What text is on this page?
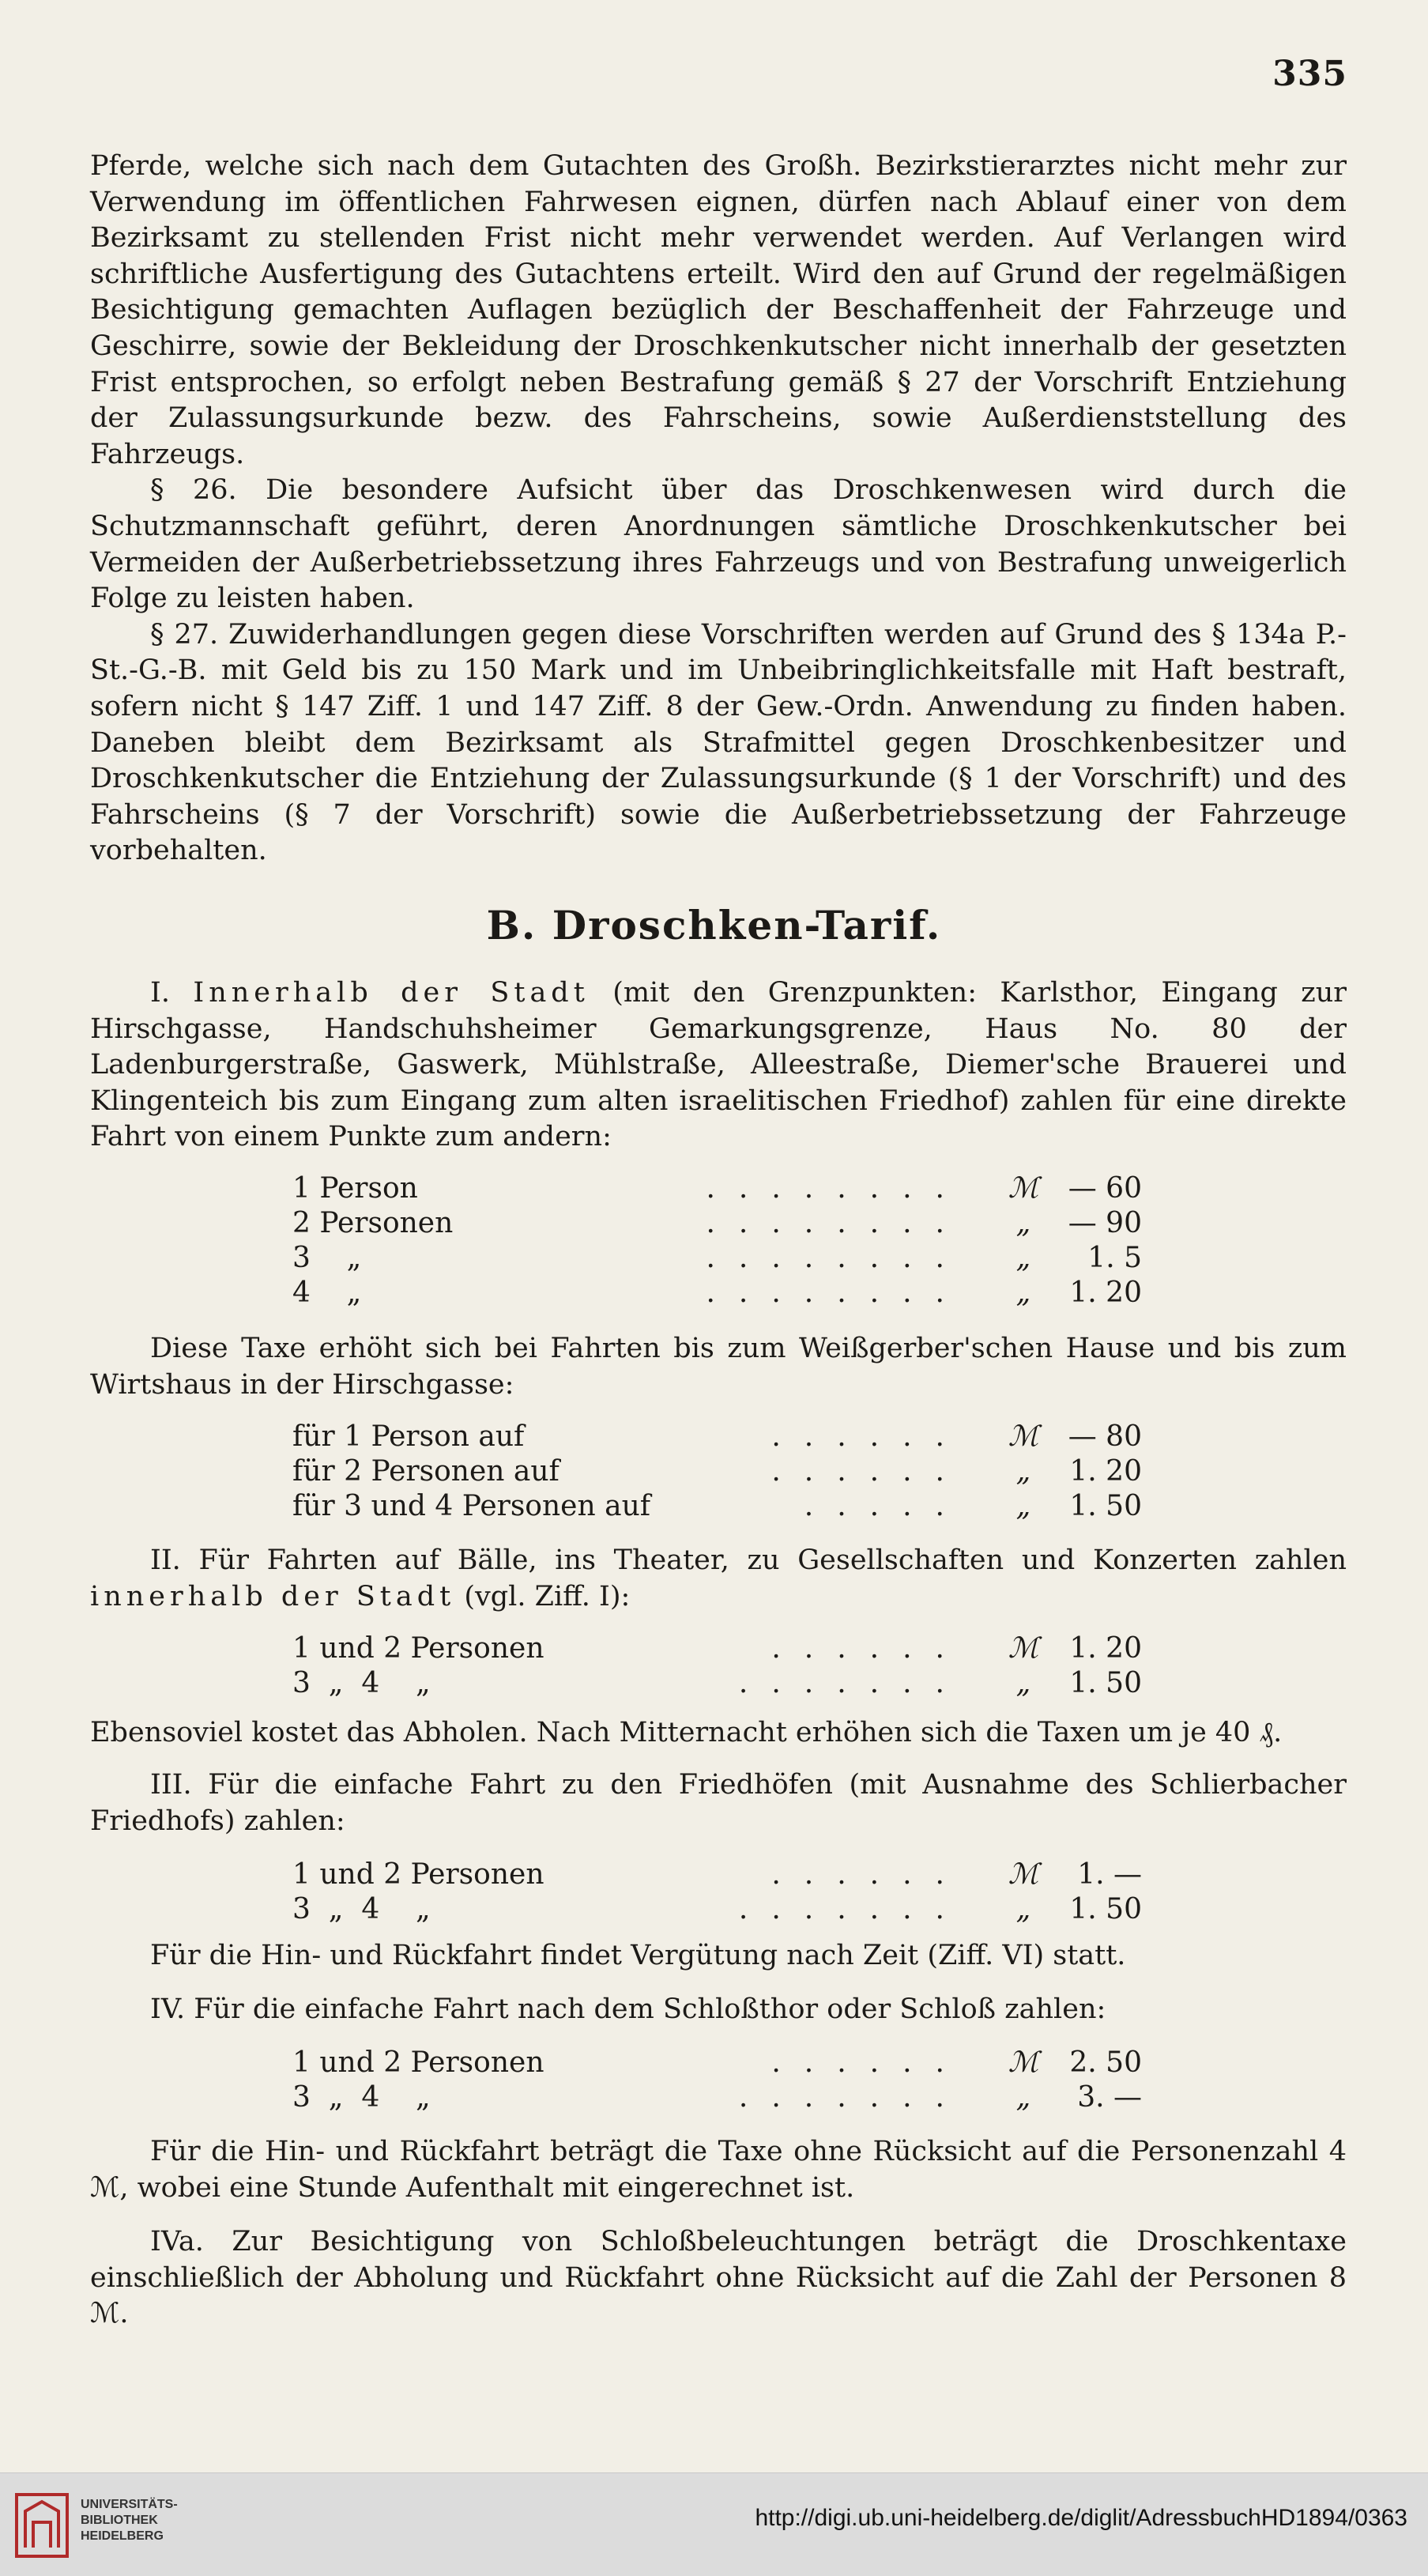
335

Pferde, welche sich nach dem Gutachten des Großh. Bezirkstierarztes nicht mehr zur Verwendung im öffentlichen Fahrwesen eignen, dürfen nach Ablauf einer von dem Bezirksamt zu stellenden Frist nicht mehr verwendet werden. Auf Verlangen wird schriftliche Ausfertigung des Gutachtens erteilt. Wird den auf Grund der regelmäßigen Besichtigung gemachten Auflagen bezüglich der Beschaffenheit der Fahrzeuge und Geschirre, sowie der Bekleidung der Droschkenkutscher nicht innerhalb der gesetzten Frist entsprochen, so erfolgt neben Bestrafung gemäß § 27 der Vorschrift Entziehung der Zulassungsurkunde bezw. des Fahrscheins, sowie Außerdienststellung des Fahrzeugs.

§ 26. Die besondere Aufsicht über das Droschkenwesen wird durch die Schutzmannschaft geführt, deren Anordnungen sämtliche Droschkenkutscher bei Vermeiden der Außerbetriebssetzung ihres Fahrzeugs und von Bestrafung unweigerlich Folge zu leisten haben.

§ 27. Zuwiderhandlungen gegen diese Vorschriften werden auf Grund des § 134a P.-St.-G.-B. mit Geld bis zu 150 Mark und im Unbeibringlichkeitsfalle mit Haft bestraft, sofern nicht § 147 Ziff. 1 und 147 Ziff. 8 der Gew.-Ordn. Anwendung zu finden haben. Daneben bleibt dem Bezirksamt als Strafmittel gegen Droschkenbesitzer und Droschkenkutscher die Entziehung der Zulassungsurkunde (§ 1 der Vorschrift) und des Fahrscheins (§ 7 der Vorschrift) sowie die Außerbetriebssetzung der Fahrzeuge vorbehalten.

B. Droschken-Tarif.

I. Innerhalb der Stadt (mit den Grenzpunkten: Karlsthor, Eingang zur Hirschgasse, Handschuhsheimer Gemarkungsgrenze, Haus No. 80 der Ladenburgerstraße, Gaswerk, Mühlstraße, Alleestraße, Diemer'sche Brauerei und Klingenteich bis zum Eingang zum alten israelitischen Friedhof) zahlen für eine direkte Fahrt von einem Punkte zum andern:

1 Person	........	ℳ	— 60
2 Personen	........	„	— 90
3    „	........	„	1. 5
4    „	........	„	1. 20

Diese Taxe erhöht sich bei Fahrten bis zum Weißgerber'schen Hause und bis zum Wirtshaus in der Hirschgasse:

für 1 Person auf	......	ℳ	— 80
für 2 Personen auf	......	„	1. 20
für 3 und 4 Personen auf	.....	„	1. 50

II. Für Fahrten auf Bälle, ins Theater, zu Gesellschaften und Konzerten zahlen innerhalb der Stadt (vgl. Ziff. I):

1 und 2 Personen	......	ℳ	1. 20
3  „  4    „	.......	„	1. 50

Ebensoviel kostet das Abholen. Nach Mitternacht erhöhen sich die Taxen um je 40 ₰.

III. Für die einfache Fahrt zu den Friedhöfen (mit Ausnahme des Schlierbacher Friedhofs) zahlen:

1 und 2 Personen	......	ℳ	1. —
3  „  4    „	.......	„	1. 50

Für die Hin- und Rückfahrt findet Vergütung nach Zeit (Ziff. VI) statt.

IV. Für die einfache Fahrt nach dem Schloßthor oder Schloß zahlen:

1 und 2 Personen	......	ℳ	2. 50
3  „  4    „	.......	„	3. —

Für die Hin- und Rückfahrt beträgt die Taxe ohne Rücksicht auf die Personenzahl 4 ℳ, wobei eine Stunde Aufenthalt mit eingerechnet ist.

IVa. Zur Besichtigung von Schloßbeleuchtungen beträgt die Droschkentaxe einschließlich der Abholung und Rückfahrt ohne Rücksicht auf die Zahl der Personen 8 ℳ.

UNIVERSITÄTS-
BIBLIOTHEK
HEIDELBERG
http://digi.ub.uni-heidelberg.de/diglit/AdressbuchHD1894/0363
